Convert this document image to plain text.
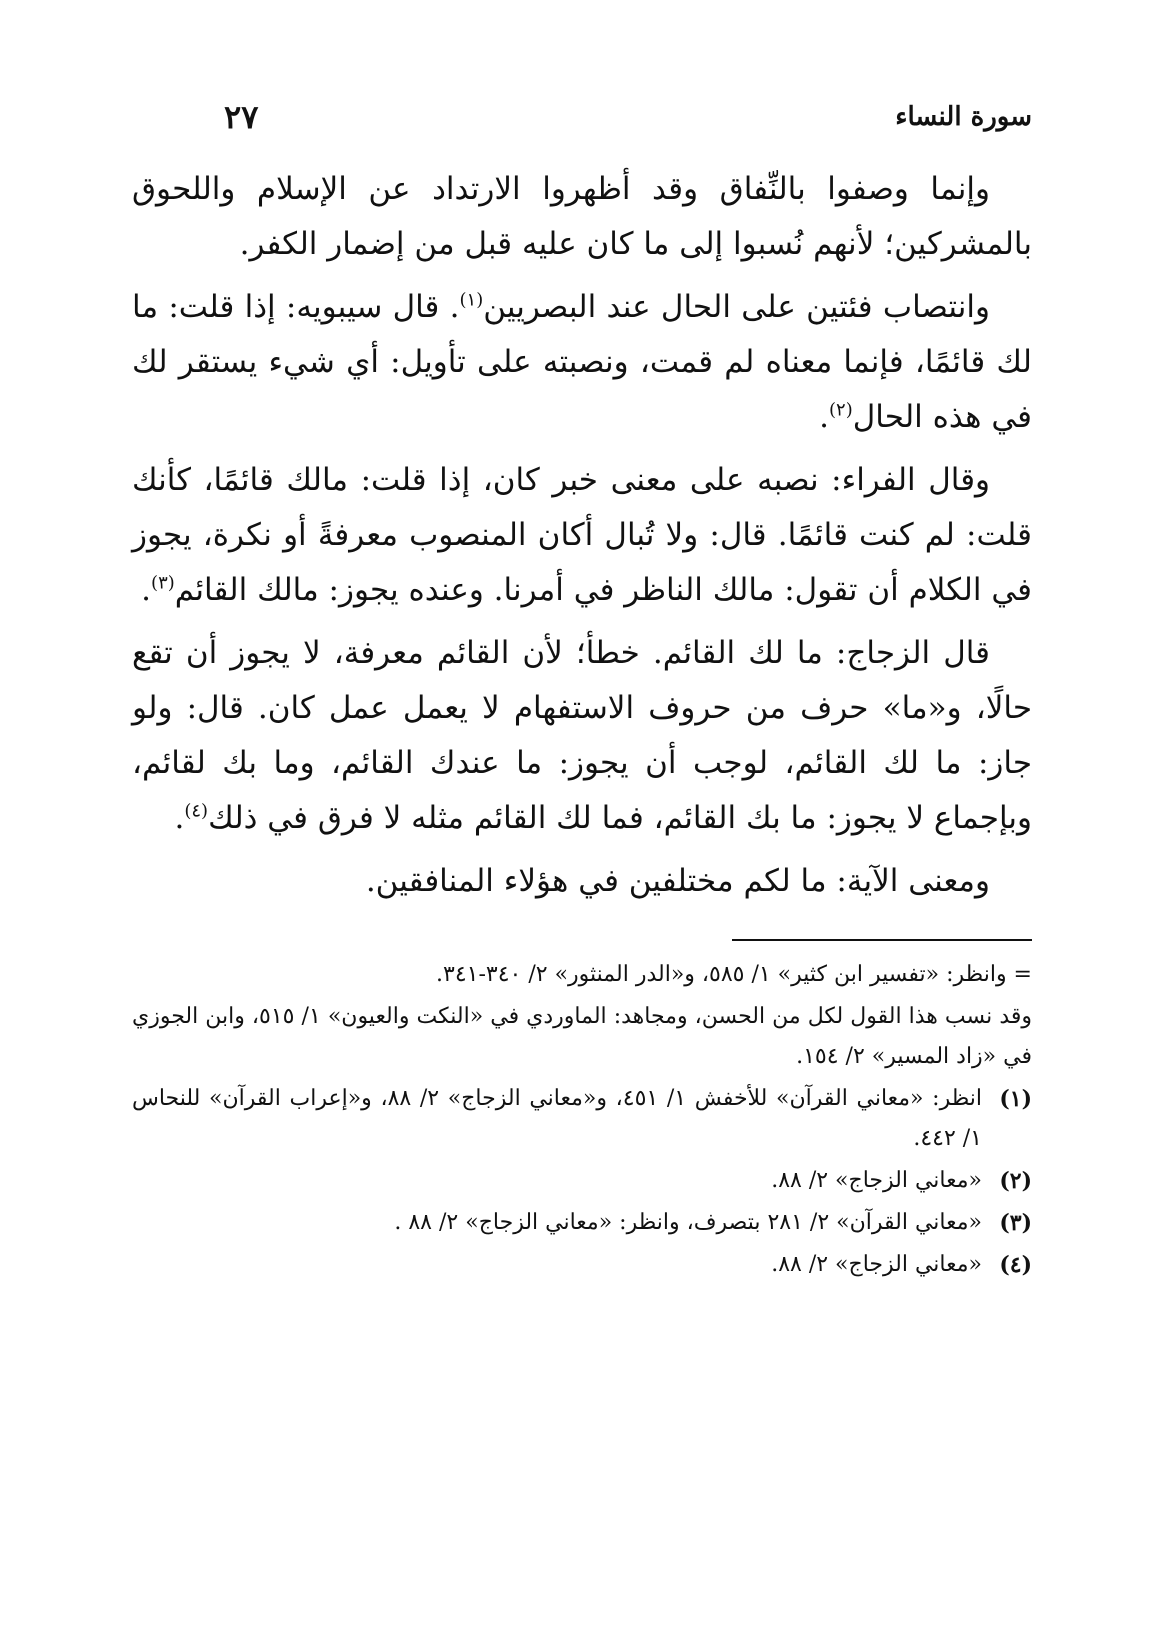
سورة النساء
٢٧

وإنما وصفوا بالنِّفاق وقد أظهروا الارتداد عن الإسلام واللحوق بالمشركين؛ لأنهم نُسبوا إلى ما كان عليه قبل من إضمار الكفر.

وانتصاب فئتين على الحال عند البصريين$^{(١)}$. قال سيبويه: إذا قلت: ما لك قائمًا، فإنما معناه لم قمت، ونصبته على تأويل: أي شيء يستقر لك في هذه الحال$^{(٢)}$.

وقال الفراء: نصبه على معنى خبر كان، إذا قلت: مالك قائمًا، كأنك قلت: لم كنت قائمًا. قال: ولا تُبال أكان المنصوب معرفةً أو نكرة، يجوز في الكلام أن تقول: مالك الناظر في أمرنا. وعنده يجوز: مالك القائم$^{(٣)}$.

قال الزجاج: ما لك القائم. خطأ؛ لأن القائم معرفة، لا يجوز أن تقع حالًا، و«ما» حرف من حروف الاستفهام لا يعمل عمل كان. قال: ولو جاز: ما لك القائم، لوجب أن يجوز: ما عندك القائم، وما بك لقائم، وبإجماع لا يجوز: ما بك القائم، فما لك القائم مثله لا فرق في ذلك$^{(٤)}$.

ومعنى الآية: ما لكم مختلفين في هؤلاء المنافقين.

= وانظر: «تفسير ابن كثير» ١/ ٥٨٥، و«الدر المنثور» ٢/ ٣٤٠-٣٤١.
وقد نسب هذا القول لكل من الحسن، ومجاهد: الماوردي في «النكت والعيون» ١/ ٥١٥، وابن الجوزي في «زاد المسير» ٢/ ١٥٤.
(١)
انظر: «معاني القرآن» للأخفش ١/ ٤٥١، و«معاني الزجاج» ٢/ ٨٨، و«إعراب القرآن» للنحاس ١/ ٤٤٢.
(٢)
«معاني الزجاج» ٢/ ٨٨.
(٣)
«معاني القرآن» ٢/ ٢٨١ بتصرف، وانظر: «معاني الزجاج» ٢/ ٨٨ .
(٤)
«معاني الزجاج» ٢/ ٨٨.
